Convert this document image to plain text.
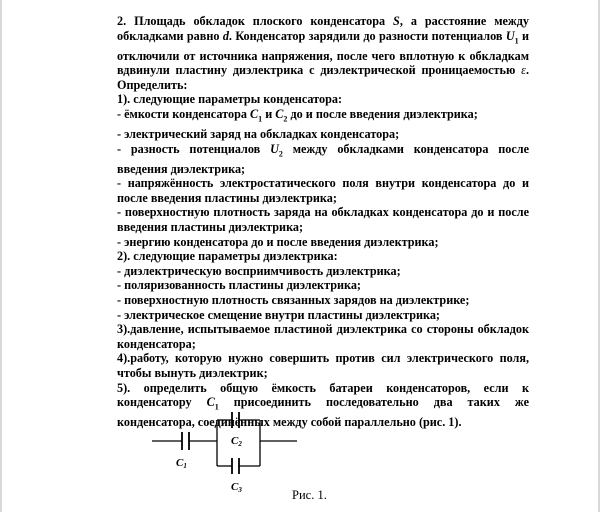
2. Площадь обкладок плоского конденсатора S, а расстояние между обкладками равно d. Конденсатор зарядили до разности потенциалов $U_1$ и отключили от источника напряжения, после чего вплотную к обкладкам вдвинули пластину диэлектрика с диэлектрической проницаемостью ε. Определить:

1). следующие параметры конденсатора:

- ёмкости конденсатора $C_1$ и $C_2$ до и после введения диэлектрика;

- электрический заряд на обкладках конденсатора;

- разность потенциалов $U_2$ между обкладками конденсатора после введения диэлектрика;

- напряжённость электростатического поля внутри конденсатора до и после введения пластины диэлектрика;

- поверхностную плотность заряда на обкладках конденсатора до и после введения пластины диэлектрика;

- энергию конденсатора до и после введения диэлектрика;

2). следующие параметры диэлектрика:

- диэлектрическую восприимчивость диэлектрика;

- поляризованность пластины диэлектрика;

- поверхностную плотность связанных зарядов на диэлектрике;

- электрическое смещение внутри пластины диэлектрика;

3).давление, испытываемое пластиной диэлектрика со стороны обкладок конденсатора;

4).работу, которую нужно совершить против сил электрического поля, чтобы вынуть диэлектрик;

5). определить общую ёмкость батареи конденсаторов, если к конденсатору $C_1$ присоединить последовательно два таких же конденсатора, соединённых между собой параллельно (рис. 1).

C1
C2
C3	Рис. 1.
